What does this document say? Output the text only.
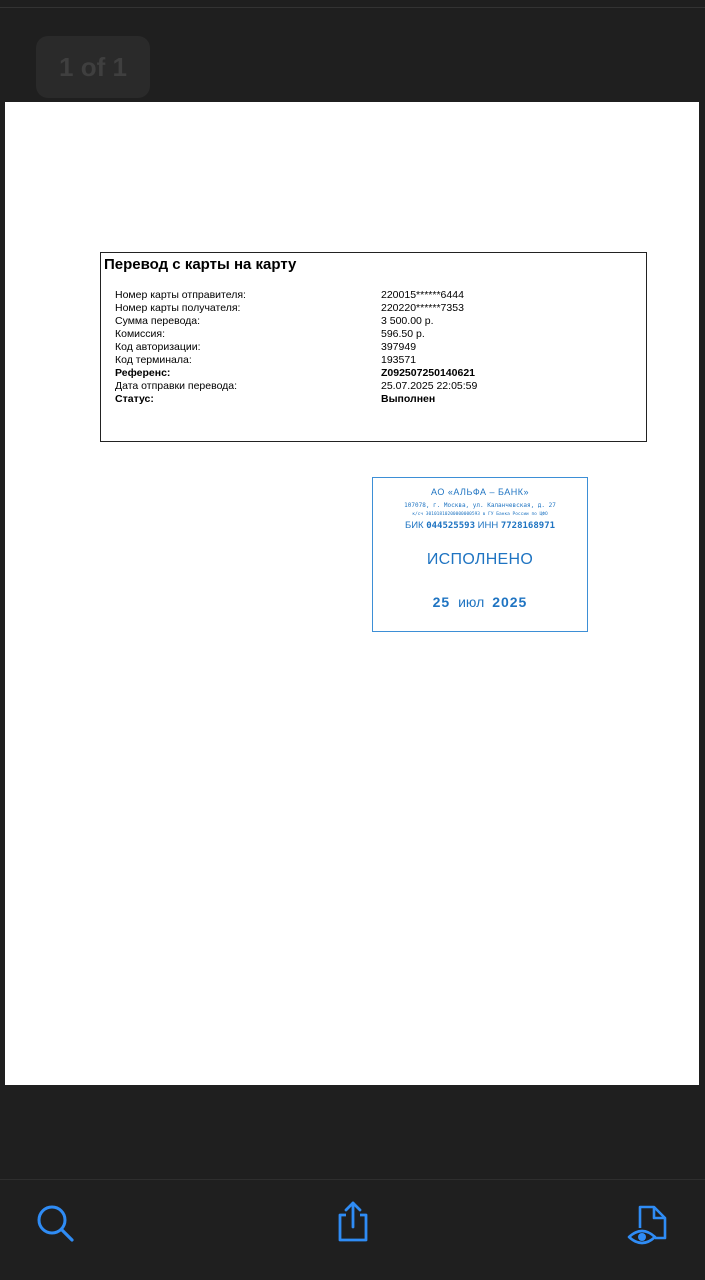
1 of 1
Перевод с карты на карту
Номер карты отправителя:	220015******6444
Номер карты получателя:	220220******7353
Сумма перевода:	3 500.00 р.
Комиссия:	596.50 р.
Код авторизации:	397949
Код терминала:	193571
Референс:	Z092507250140621
Дата отправки перевода:	25.07.2025 22:05:59
Статус:	Выполнен
АО «АЛЬФА – БАНК»
107078, г. Москва, ул. Каланчевская, д. 27
к/сч 30101810200000000593 в ГУ Банка России по ЦФО
БИК 044525593 ИНН 7728168971
ИСПОЛНЕНО
25 июл 2025
